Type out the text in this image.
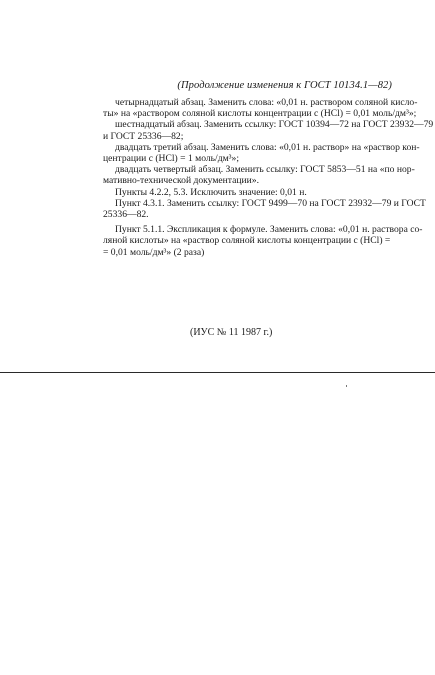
(Продолжение изменения к ГОСТ 10134.1—82)

четырнадцатый абзац. Заменить слова: «0,01 н. раствором соляной кисло-
ты» на «раствором соляной кислоты концентрации c (HCl) = 0,01 моль/дм³»;

шестнадцатый абзац. Заменить ссылку: ГОСТ 10394—72 на ГОСТ 23932—79
и ГОСТ 25336—82;

двадцать третий абзац. Заменить слова: «0,01 н. раствор» на «раствор кон-
центрации c (HCl) = 1 моль/дм³»;

двадцать четвертый абзац. Заменить ссылку: ГОСТ 5853—51 на «по нор-
мативно-технической документации».

Пункты 4.2.2, 5.3. Исключить значение: 0,01 н.

Пункт 4.3.1. Заменить ссылку: ГОСТ 9499—70 на ГОСТ 23932—79 и ГОСТ
25336—82.

Пункт 5.1.1. Экспликация к формуле. Заменить слова: «0,01 н. раствора со-
ляной кислоты» на «раствор соляной кислоты концентрации c (HCl) =
= 0,01 моль/дм³» (2 раза)

(ИУС № 11 1987 г.)
